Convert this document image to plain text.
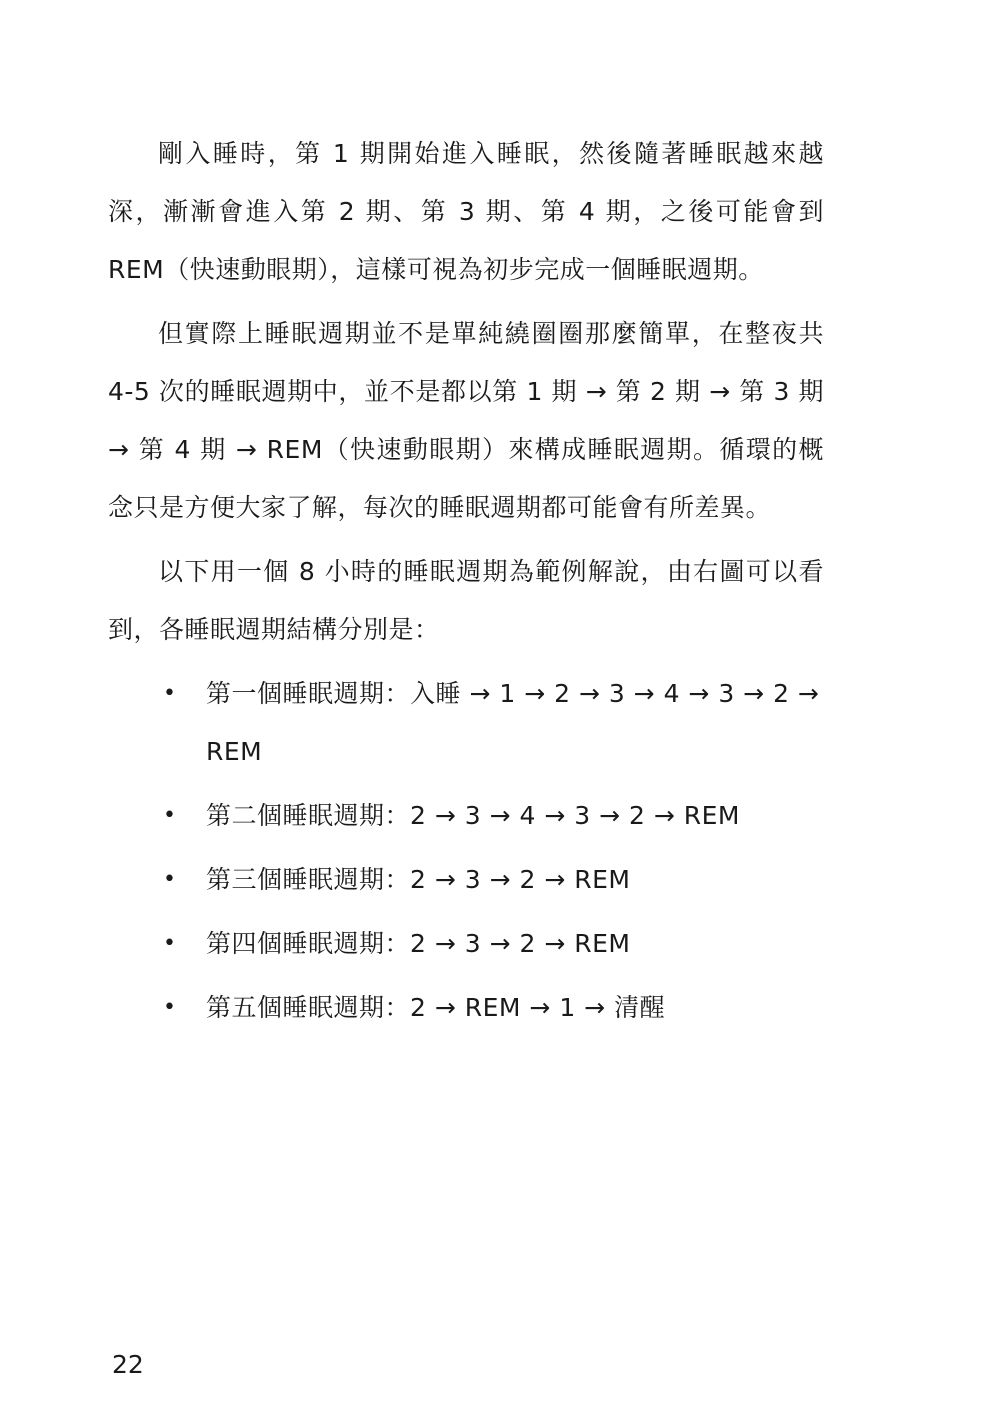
剛入睡時，第 1 期開始進入睡眠，然後隨著睡眠越來越深，漸漸會進入第 2 期、第 3 期、第 4 期，之後可能會到 REM（快速動眼期），這樣可視為初步完成一個睡眠週期。

但實際上睡眠週期並不是單純繞圈圈那麼簡單，在整夜共 4-5 次的睡眠週期中，並不是都以第 1 期 → 第 2 期 → 第 3 期 → 第 4 期 → REM（快速動眼期）來構成睡眠週期。循環的概念只是方便大家了解，每次的睡眠週期都可能會有所差異。

以下用一個 8 小時的睡眠週期為範例解說，由右圖可以看到，各睡眠週期結構分別是：

• 第一個睡眠週期：入睡 → 1 → 2 → 3 → 4 → 3 → 2 → REM
• 第二個睡眠週期：2 → 3 → 4 → 3 → 2 → REM
• 第三個睡眠週期：2 → 3 → 2 → REM
• 第四個睡眠週期：2 → 3 → 2 → REM
• 第五個睡眠週期：2 → REM → 1 → 清醒
22
